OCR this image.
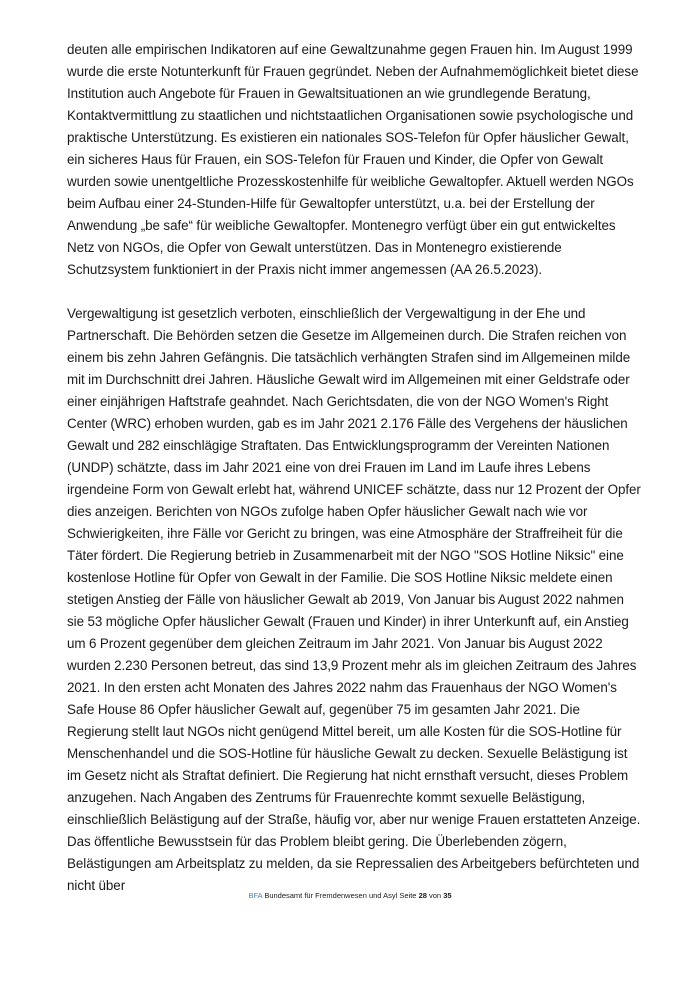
deuten alle empirischen Indikatoren auf eine Gewaltzunahme gegen Frauen hin. Im August 1999 wurde die erste Notunterkunft für Frauen gegründet. Neben der Aufnahmemöglichkeit bietet diese Institution auch Angebote für Frauen in Gewaltsituationen an wie grundlegende Beratung, Kontaktvermittlung zu staatlichen und nichtstaatlichen Organisationen sowie psychologische und praktische Unterstützung. Es existieren ein nationales SOS-Telefon für Opfer häuslicher Gewalt, ein sicheres Haus für Frauen, ein SOS-Telefon für Frauen und Kinder, die Opfer von Gewalt wurden sowie unentgeltliche Prozesskostenhilfe für weibliche Gewaltopfer. Aktuell werden NGOs beim Aufbau einer 24-Stunden-Hilfe für Gewaltopfer unterstützt, u.a. bei der Erstellung der Anwendung „be safe“ für weibliche Gewaltopfer. Montenegro verfügt über ein gut entwickeltes Netz von NGOs, die Opfer von Gewalt unterstützen. Das in Montenegro existierende Schutzsystem funktioniert in der Praxis nicht immer angemessen (AA 26.5.2023).

Vergewaltigung ist gesetzlich verboten, einschließlich der Vergewaltigung in der Ehe und Partnerschaft. Die Behörden setzen die Gesetze im Allgemeinen durch. Die Strafen reichen von einem bis zehn Jahren Gefängnis. Die tatsächlich verhängten Strafen sind im Allgemeinen milde mit im Durchschnitt drei Jahren. Häusliche Gewalt wird im Allgemeinen mit einer Geldstrafe oder einer einjährigen Haftstrafe geahndet. Nach Gerichtsdaten, die von der NGO Women's Right Center (WRC) erhoben wurden, gab es im Jahr 2021 2.176 Fälle des Vergehens der häuslichen Gewalt und 282 einschlägige Straftaten. Das Entwicklungsprogramm der Vereinten Nationen (UNDP) schätzte, dass im Jahr 2021 eine von drei Frauen im Land im Laufe ihres Lebens irgendeine Form von Gewalt erlebt hat, während UNICEF schätzte, dass nur 12 Prozent der Opfer dies anzeigen. Berichten von NGOs zufolge haben Opfer häuslicher Gewalt nach wie vor Schwierigkeiten, ihre Fälle vor Gericht zu bringen, was eine Atmosphäre der Straffreiheit für die Täter fördert. Die Regierung betrieb in Zusammenarbeit mit der NGO "SOS Hotline Niksic" eine kostenlose Hotline für Opfer von Gewalt in der Familie. Die SOS Hotline Niksic meldete einen stetigen Anstieg der Fälle von häuslicher Gewalt ab 2019, Von Januar bis August 2022 nahmen sie 53 mögliche Opfer häuslicher Gewalt (Frauen und Kinder) in ihrer Unterkunft auf, ein Anstieg um 6 Prozent gegenüber dem gleichen Zeitraum im Jahr 2021. Von Januar bis August 2022 wurden 2.230 Personen betreut, das sind 13,9 Prozent mehr als im gleichen Zeitraum des Jahres 2021. In den ersten acht Monaten des Jahres 2022 nahm das Frauenhaus der NGO Women's Safe House 86 Opfer häuslicher Gewalt auf, gegenüber 75 im gesamten Jahr 2021. Die Regierung stellt laut NGOs nicht genügend Mittel bereit, um alle Kosten für die SOS-Hotline für Menschenhandel und die SOS-Hotline für häusliche Gewalt zu decken. Sexuelle Belästigung ist im Gesetz nicht als Straftat definiert. Die Regierung hat nicht ernsthaft versucht, dieses Problem anzugehen. Nach Angaben des Zentrums für Frauenrechte kommt sexuelle Belästigung, einschließlich Belästigung auf der Straße, häufig vor, aber nur wenige Frauen erstatteten Anzeige. Das öffentliche Bewusstsein für das Problem bleibt gering. Die Überlebenden zögern, Belästigungen am Arbeitsplatz zu melden, da sie Repressalien des Arbeitgebers befürchteten und nicht über

BFA Bundesamt für Fremdenwesen und Asyl Seite 28 von 35
